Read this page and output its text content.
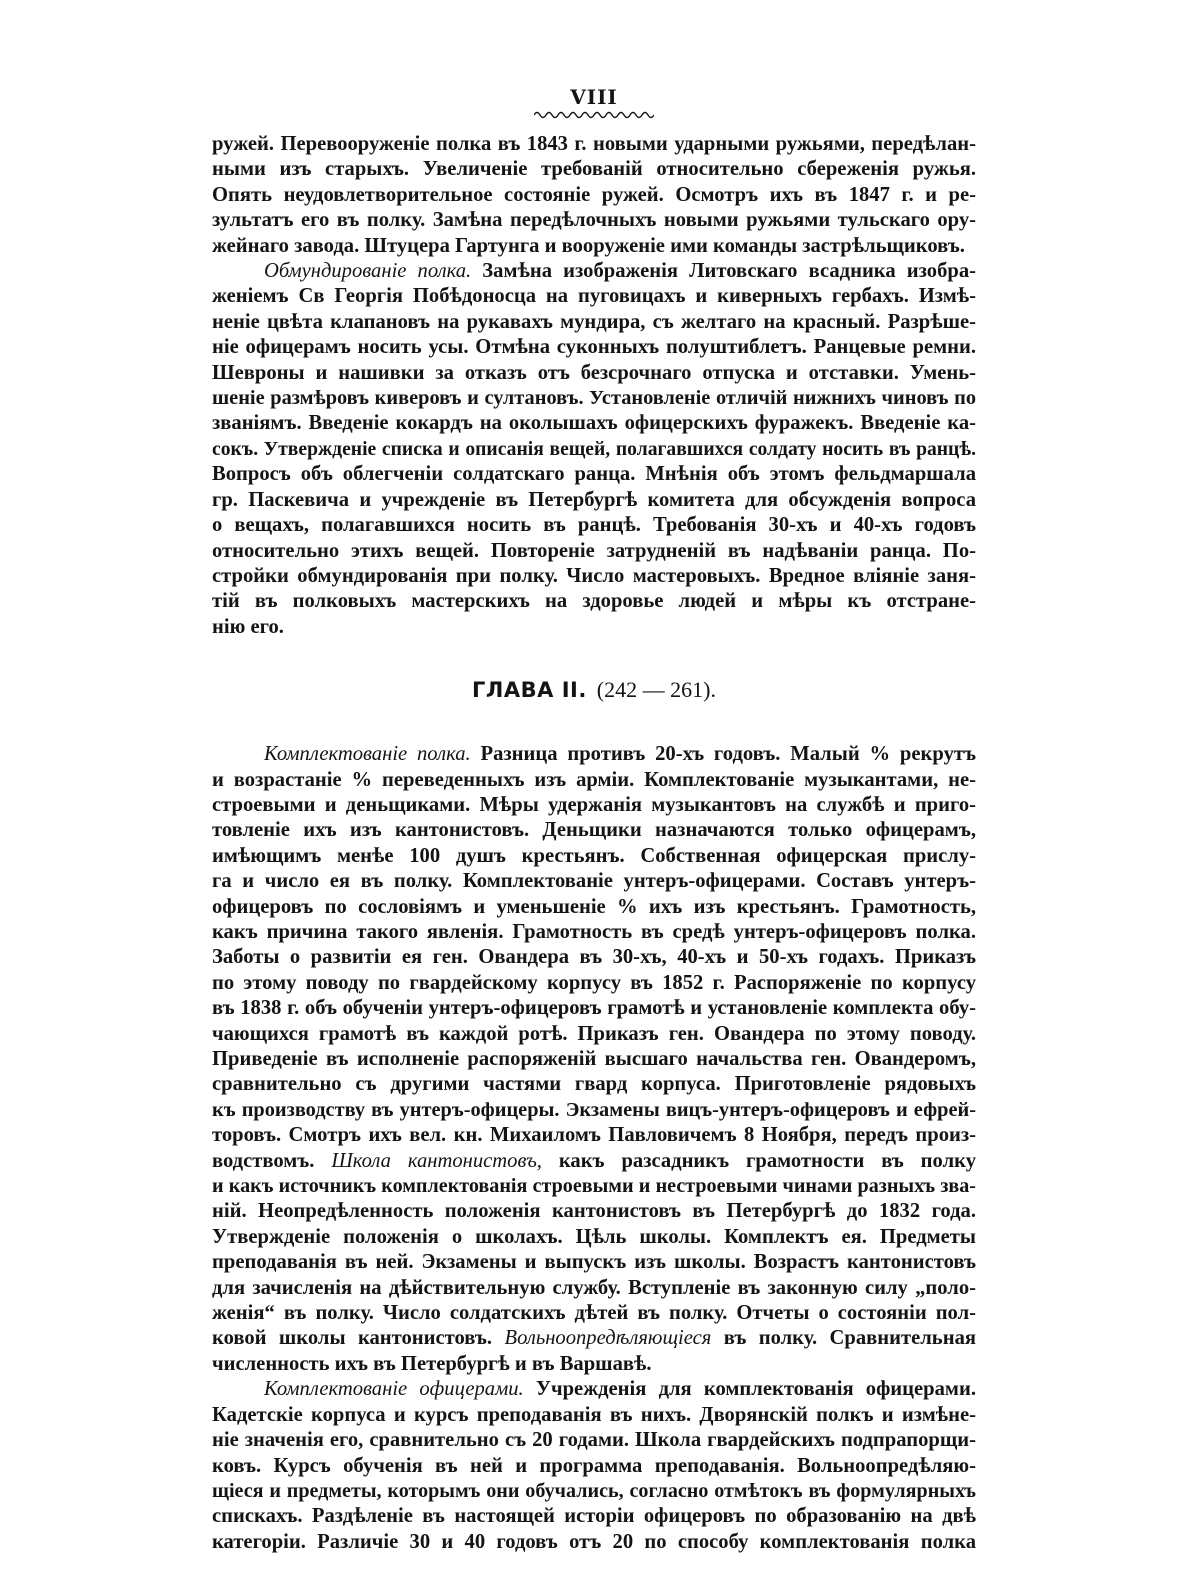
VIII
ружей. Перевооруженіе полка въ 1843 г. новыми ударными ружьями, передѣлан-
ными изъ старыхъ. Увеличеніе требованій относительно сбереженія ружья.
Опять неудовлетворительное состояніе ружей. Осмотръ ихъ въ 1847 г. и ре-
зультатъ его въ полку. Замѣна передѣлочныхъ новыми ружьями тульскаго ору-
жейнаго завода. Штуцера Гартунга и вооруженіе ими команды застрѣльщиковъ.
Обмундированіе полка. Замѣна изображенія Литовскаго всадника изобра-
женіемъ Св Георгія Побѣдоносца на пуговицахъ и киверныхъ гербахъ. Измѣ-
неніе цвѣта клапановъ на рукавахъ мундира, съ желтаго на красный. Разрѣше-
ніе офицерамъ носить усы. Отмѣна суконныхъ полуштиблетъ. Ранцевые ремни.
Шевроны и нашивки за отказъ отъ безсрочнаго отпуска и отставки. Умень-
шеніе размѣровъ киверовъ и султановъ. Установленіе отличій нижнихъ чиновъ по
званіямъ. Введеніе кокардъ на околышахъ офицерскихъ фуражекъ. Введеніе ка-
сокъ. Утвержденіе списка и описанія вещей, полагавшихся солдату носить въ ранцѣ.
Вопросъ объ облегченіи солдатскаго ранца. Мнѣнія объ этомъ фельдмаршала
гр. Паскевича и учрежденіе въ Петербургѣ комитета для обсужденія вопроса
о вещахъ, полагавшихся носить въ ранцѣ. Требованія 30-хъ и 40-хъ годовъ
относительно этихъ вещей. Повтореніе затрудненій въ надѣваніи ранца. По-
стройки обмундированія при полку. Число мастеровыхъ. Вредное вліяніе заня-
тій въ полковыхъ мастерскихъ на здоровье людей и мѣры къ отстране-
нію его.
ГЛАВА II. (242 — 261).
Комплектованіе полка. Разница противъ 20-хъ годовъ. Малый % рекрутъ
и возрастаніе % переведенныхъ изъ арміи. Комплектованіе музыкантами, не-
строевыми и деньщиками. Мѣры удержанія музыкантовъ на службѣ и приго-
товленіе ихъ изъ кантонистовъ. Деньщики назначаются только офицерамъ,
имѣющимъ менѣе 100 душъ крестьянъ. Собственная офицерская прислу-
га и число ея въ полку. Комплектованіе унтеръ-офицерами. Составъ унтеръ-
офицеровъ по сословіямъ и уменьшеніе % ихъ изъ крестьянъ. Грамотность,
какъ причина такого явленія. Грамотность въ средѣ унтеръ-офицеровъ полка.
Заботы о развитіи ея ген. Овандера въ 30-хъ, 40-хъ и 50-хъ годахъ. Приказъ
по этому поводу по гвардейскому корпусу въ 1852 г. Распоряженіе по корпусу
въ 1838 г. объ обученіи унтеръ-офицеровъ грамотѣ и установленіе комплекта обу-
чающихся грамотѣ въ каждой ротѣ. Приказъ ген. Овандера по этому поводу.
Приведеніе въ исполненіе распоряженій высшаго начальства ген. Овандеромъ,
сравнительно съ другими частями гвард корпуса. Приготовленіе рядовыхъ
къ производству въ унтеръ-офицеры. Экзамены вицъ-унтеръ-офицеровъ и ефрей-
торовъ. Смотръ ихъ вел. кн. Михаиломъ Павловичемъ 8 Ноября, передъ произ-
водствомъ. Школа кантонистовъ, какъ разсадникъ грамотности въ полку
и какъ источникъ комплектованія строевыми и нестроевыми чинами разныхъ зва-
ній. Неопредѣленность положенія кантонистовъ въ Петербургѣ до 1832 года.
Утвержденіе положенія о школахъ. Цѣль школы. Комплектъ ея. Предметы
преподаванія въ ней. Экзамены и выпускъ изъ школы. Возрастъ кантонистовъ
для зачисленія на дѣйствительную службу. Вступленіе въ законную силу „поло-
женія“ въ полку. Число солдатскихъ дѣтей въ полку. Отчеты о состояніи пол-
ковой школы кантонистовъ. Вольноопредѣляющіеся въ полку. Сравнительная
численность ихъ въ Петербургѣ и въ Варшавѣ.
Комплектованіе офицерами. Учрежденія для комплектованія офицерами.
Кадетскіе корпуса и курсъ преподаванія въ нихъ. Дворянскій полкъ и измѣне-
ніе значенія его, сравнительно съ 20 годами. Школа гвардейскихъ подпрапорщи-
ковъ. Курсъ обученія въ ней и программа преподаванія. Вольноопредѣляю-
щіеся и предметы, которымъ они обучались, согласно отмѣтокъ въ формулярныхъ
спискахъ. Раздѣленіе въ настоящей исторіи офицеровъ по образованію на двѣ
категоріи. Различіе 30 и 40 годовъ отъ 20 по способу комплектованія полка
